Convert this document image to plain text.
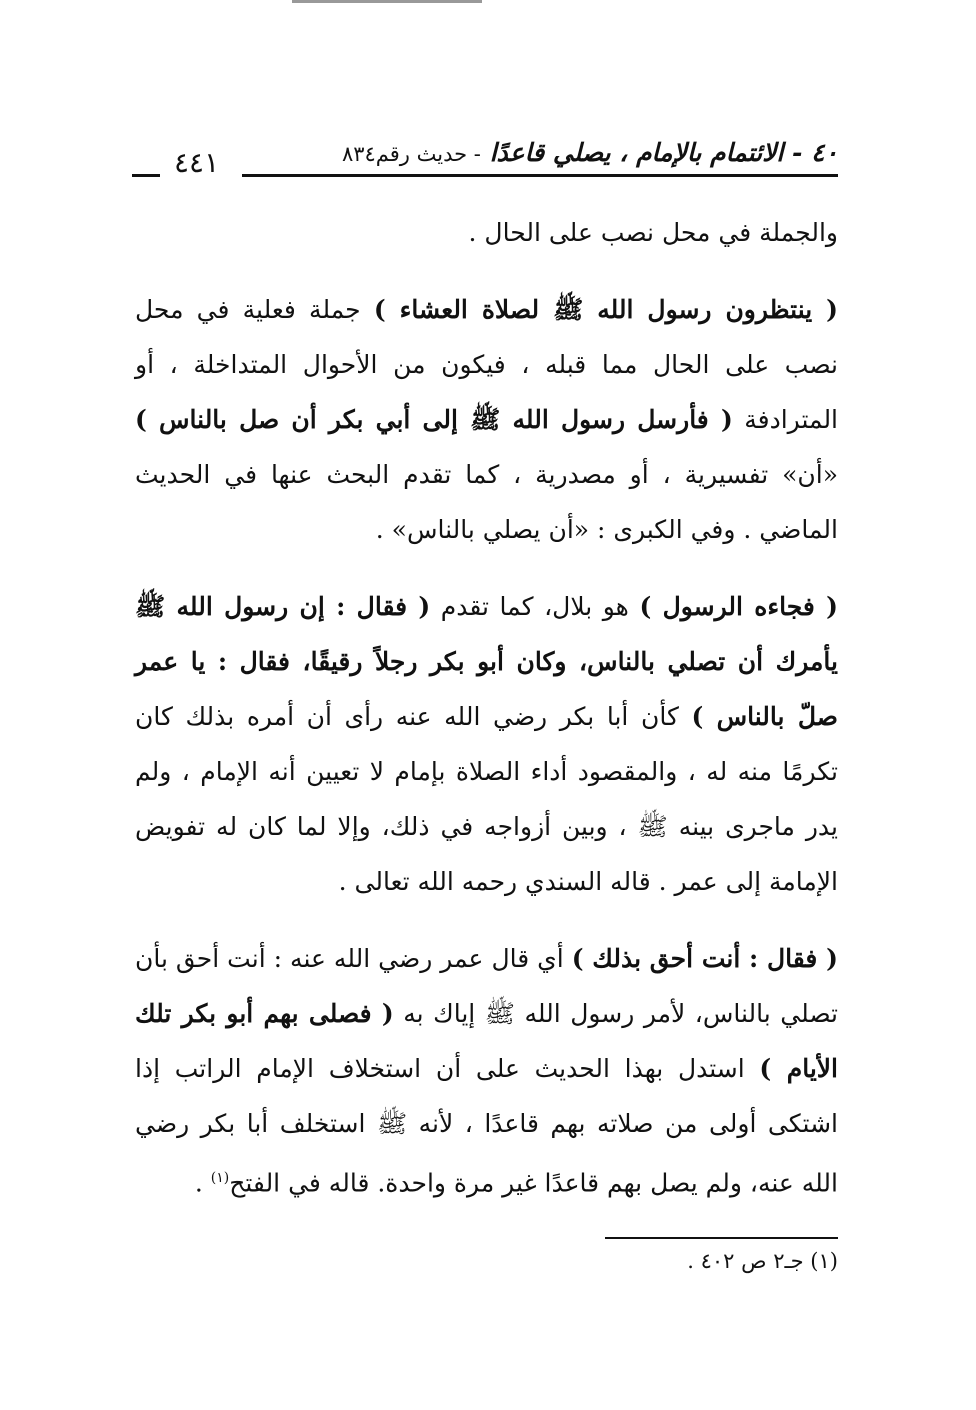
٤٠ - الائتمام بالإمام ، يصلي قاعدًا - حديث رقم٨٣٤
٤٤١

والجملة في محل نصب على الحال .

( ينتظرون رسول الله ﷺ لصلاة العشاء ) جملة فعلية في محل نصب على الحال مما قبله ، فيكون من الأحوال المتداخلة ، أو المترادفة ( فأرسل رسول الله ﷺ إلى أبي بكر أن صل بالناس ) «أن» تفسيرية ، أو مصدرية ، كما تقدم البحث عنها في الحديث الماضي . وفي الكبرى : «أن يصلي بالناس» .

( فجاءه الرسول ) هو بلال، كما تقدم ( فقال : إن رسول الله ﷺ يأمرك أن تصلي بالناس، وكان أبو بكر رجلاً رقيقًا، فقال : يا عمر صلّ بالناس ) كأن أبا بكر رضي الله عنه رأى أن أمره بذلك كان تكرمًا منه له ، والمقصود أداء الصلاة بإمام لا تعيين أنه الإمام ، ولم يدر ماجرى بينه ﷺ ، وبين أزواجه في ذلك، وإلا لما كان له تفويض الإمامة إلى عمر . قاله السندي رحمه الله تعالى .

( فقال : أنت أحق بذلك ) أي قال عمر رضي الله عنه : أنت أحق بأن تصلي بالناس، لأمر رسول الله ﷺ إياك به ( فصلى بهم أبو بكر تلك الأيام ) استدل بهذا الحديث على أن استخلاف الإمام الراتب إذا اشتكى أولى من صلاته بهم قاعدًا ، لأنه ﷺ استخلف أبا بكر رضي الله عنه، ولم يصل بهم قاعدًا غير مرة واحدة. قاله في الفتح$^{(١)}$ .

(١) جـ٢ ص ٤٠٢ .
